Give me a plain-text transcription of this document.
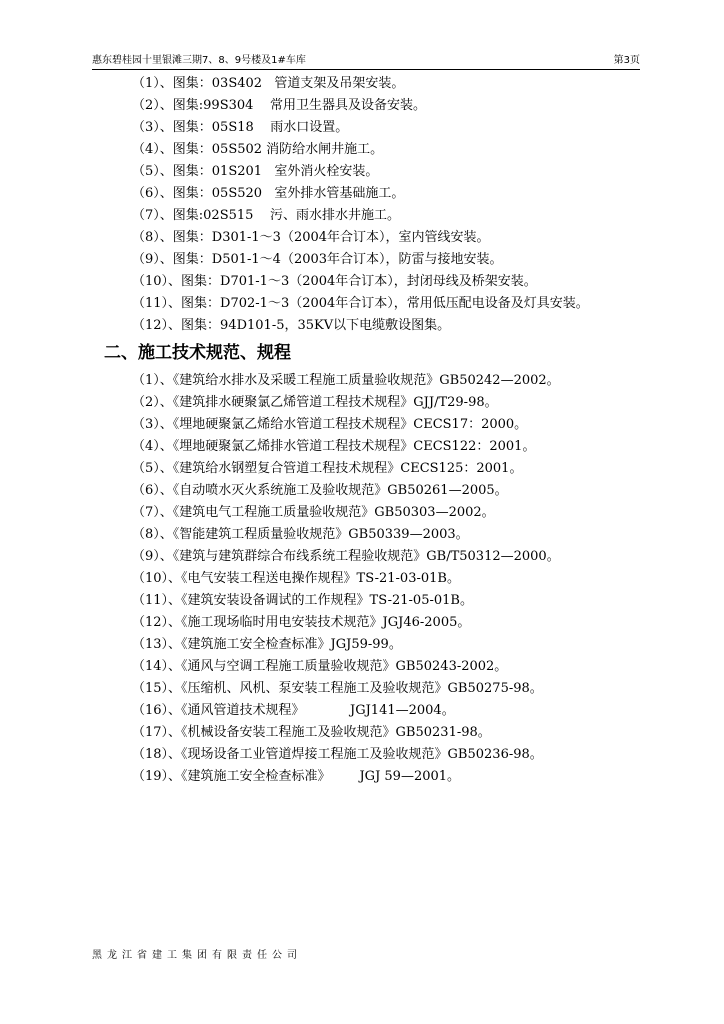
惠东碧桂园十里银滩三期7、8、9号楼及1#车库	第3页
（1）、图集：03S402   管道支架及吊架安装。
（2）、图集:99S304    常用卫生器具及设备安装。
（3）、图集：05S18    雨水口设置。
（4）、图集：05S502 消防给水闸井施工。
（5）、图集：01S201   室外消火栓安装。
（6）、图集：05S520   室外排水管基础施工。
（7）、图集:02S515    污、雨水排水井施工。
（8）、图集：D301-1～3（2004年合订本），室内管线安装。
（9）、图集：D501-1～4（2003年合订本），防雷与接地安装。
（10）、图集：D701-1～3（2004年合订本），封闭母线及桥架安装。
（11）、图集：D702-1～3（2004年合订本），常用低压配电设备及灯具安装。
（12）、图集：94D101-5，35KV以下电缆敷设图集。
二、施工技术规范、规程
（1）、《建筑给水排水及采暖工程施工质量验收规范》GB50242—2002。
（2）、《建筑排水硬聚氯乙烯管道工程技术规程》GJJ/T29-98。
（3）、《埋地硬聚氯乙烯给水管道工程技术规程》CECS17：2000。
（4）、《埋地硬聚氯乙烯排水管道工程技术规程》CECS122：2001。
（5）、《建筑给水钢塑复合管道工程技术规程》CECS125：2001。
（6）、《自动喷水灭火系统施工及验收规范》GB50261—2005。
（7）、《建筑电气工程施工质量验收规范》GB50303—2002。
（8）、《智能建筑工程质量验收规范》GB50339—2003。
（9）、《建筑与建筑群综合布线系统工程验收规范》GB/T50312—2000。
（10）、《电气安装工程送电操作规程》TS-21-03-01B。
（11）、《建筑安装设备调试的工作规程》TS-21-05-01B。
（12）、《施工现场临时用电安装技术规范》JGJ46-2005。
（13）、《建筑施工安全检查标准》JGJ59-99。
（14）、《通风与空调工程施工质量验收规范》GB50243-2002。
（15）、《压缩机、风机、泵安装工程施工及验收规范》GB50275-98。
（16）、《通风管道技术规程》           JGJ141—2004。
（17）、《机械设备安装工程施工及验收规范》GB50231-98。
（18）、《现场设备工业管道焊接工程施工及验收规范》GB50236-98。
（19）、《建筑施工安全检查标准》       JGJ 59—2001。
黑龙江省建工集团有限责任公司
